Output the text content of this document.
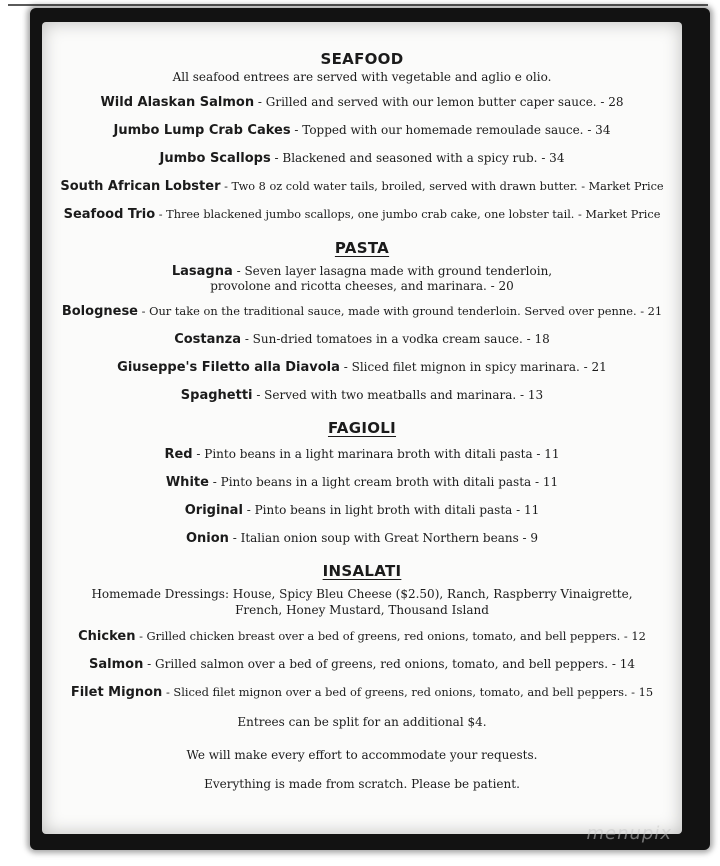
SEAFOOD

All seafood entrees are served with vegetable and aglio e olio.

Wild Alaskan Salmon - Grilled and served with our lemon butter caper sauce. - 28

Jumbo Lump Crab Cakes - Topped with our homemade remoulade sauce. - 34

Jumbo Scallops - Blackened and seasoned with a spicy rub. - 34

South African Lobster - Two 8 oz cold water tails, broiled, served with drawn butter. - Market Price

Seafood Trio - Three blackened jumbo scallops, one jumbo crab cake, one lobster tail. - Market Price

PASTA

Lasagna - Seven layer lasagna made with ground tenderloin,

provolone and ricotta cheeses, and marinara. - 20

Bolognese - Our take on the traditional sauce, made with ground tenderloin. Served over penne. - 21

Costanza - Sun-dried tomatoes in a vodka cream sauce. - 18

Giuseppe's Filetto alla Diavola - Sliced filet mignon in spicy marinara. - 21

Spaghetti - Served with two meatballs and marinara. - 13

FAGIOLI

Red - Pinto beans in a light marinara broth with ditali pasta - 11

White - Pinto beans in a light cream broth with ditali pasta - 11

Original - Pinto beans in light broth with ditali pasta - 11

Onion - Italian onion soup with Great Northern beans - 9

INSALATI

Homemade Dressings: House, Spicy Bleu Cheese ($2.50), Ranch, Raspberry Vinaigrette,

French, Honey Mustard, Thousand Island

Chicken - Grilled chicken breast over a bed of greens, red onions, tomato, and bell peppers. - 12

Salmon - Grilled salmon over a bed of greens, red onions, tomato, and bell peppers. - 14

Filet Mignon - Sliced filet mignon over a bed of greens, red onions, tomato, and bell peppers. - 15

Entrees can be split for an additional $4.

We will make every effort to accommodate your requests.

Everything is made from scratch. Please be patient.

menupix
